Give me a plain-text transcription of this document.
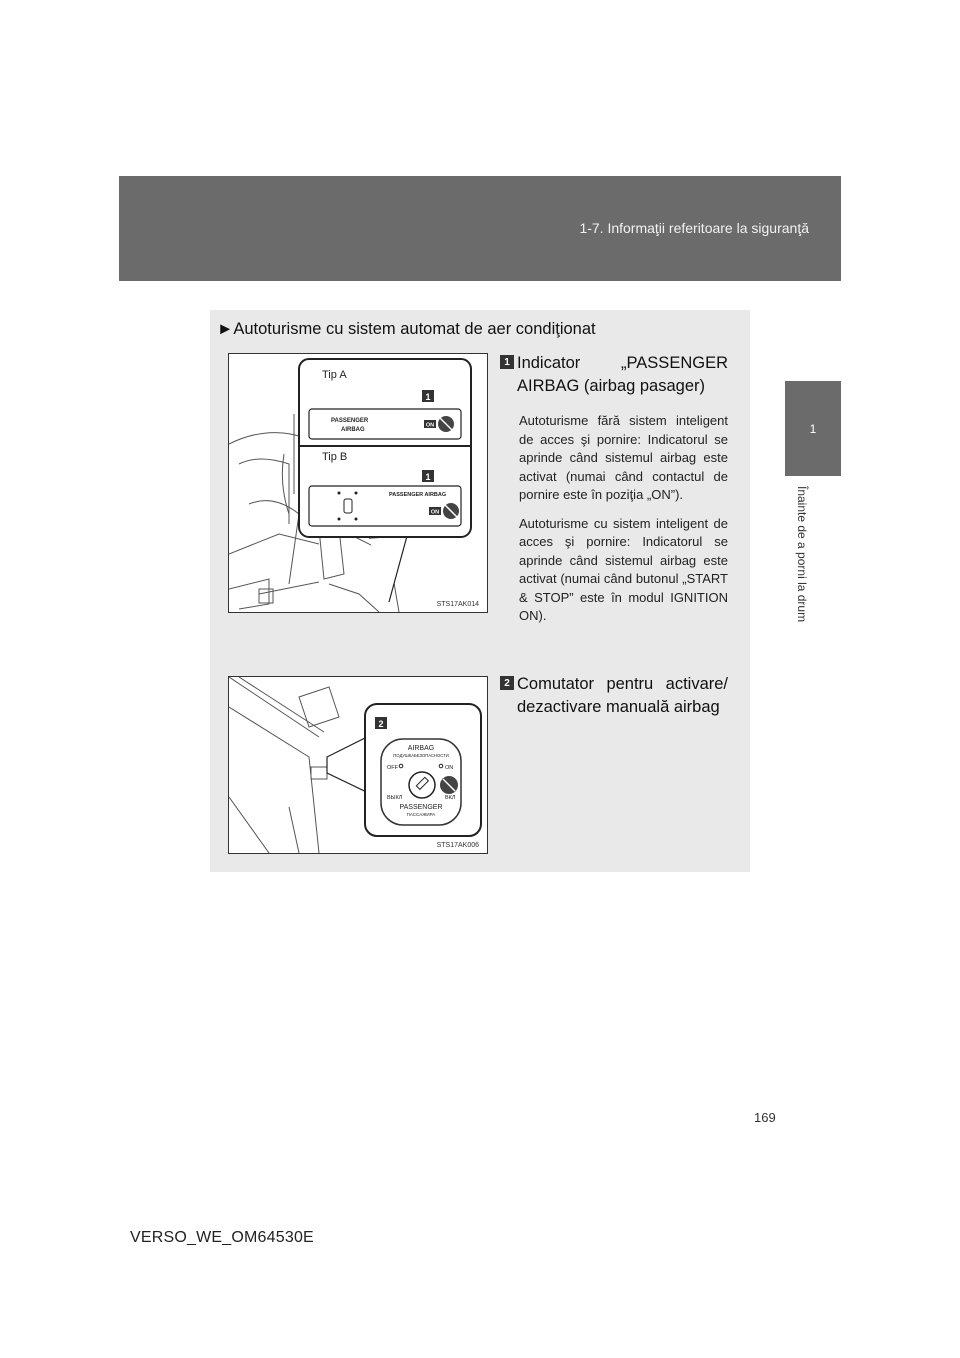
1-7. Informaţii referitoare la siguranţă
1
Înainte de a porni la drum
►Autoturisme cu sistem automat de aer condiţionat
Tip A
1
PASSENGER
AIRBAG
ON
Tip B
1
PASSENGER AIRBAG
ON
STS17AK014
2
AIRBAG
ПОДУШКАБЕЗОПАСНОСТИ
OFF	ON
ВЫКЛ	ВКЛ
PASSENGER
ПАССАЖИРА
STS17AK006
1 Indicator „PASSENGER AIRBAG (airbag pasager)
Autoturisme fără sistem inteligent de acces şi pornire: Indicatorul se aprinde când sistemul airbag este activat (numai când contactul de pornire este în poziţia „ON”).
Autoturisme cu sistem inteligent de acces şi pornire: Indicatorul se aprinde când sistemul airbag este activat (numai când butonul „START & STOP” este în modul IGNITION ON).
2 Comutator pentru activare/ dezactivare manuală airbag
169
VERSO_WE_OM64530E
